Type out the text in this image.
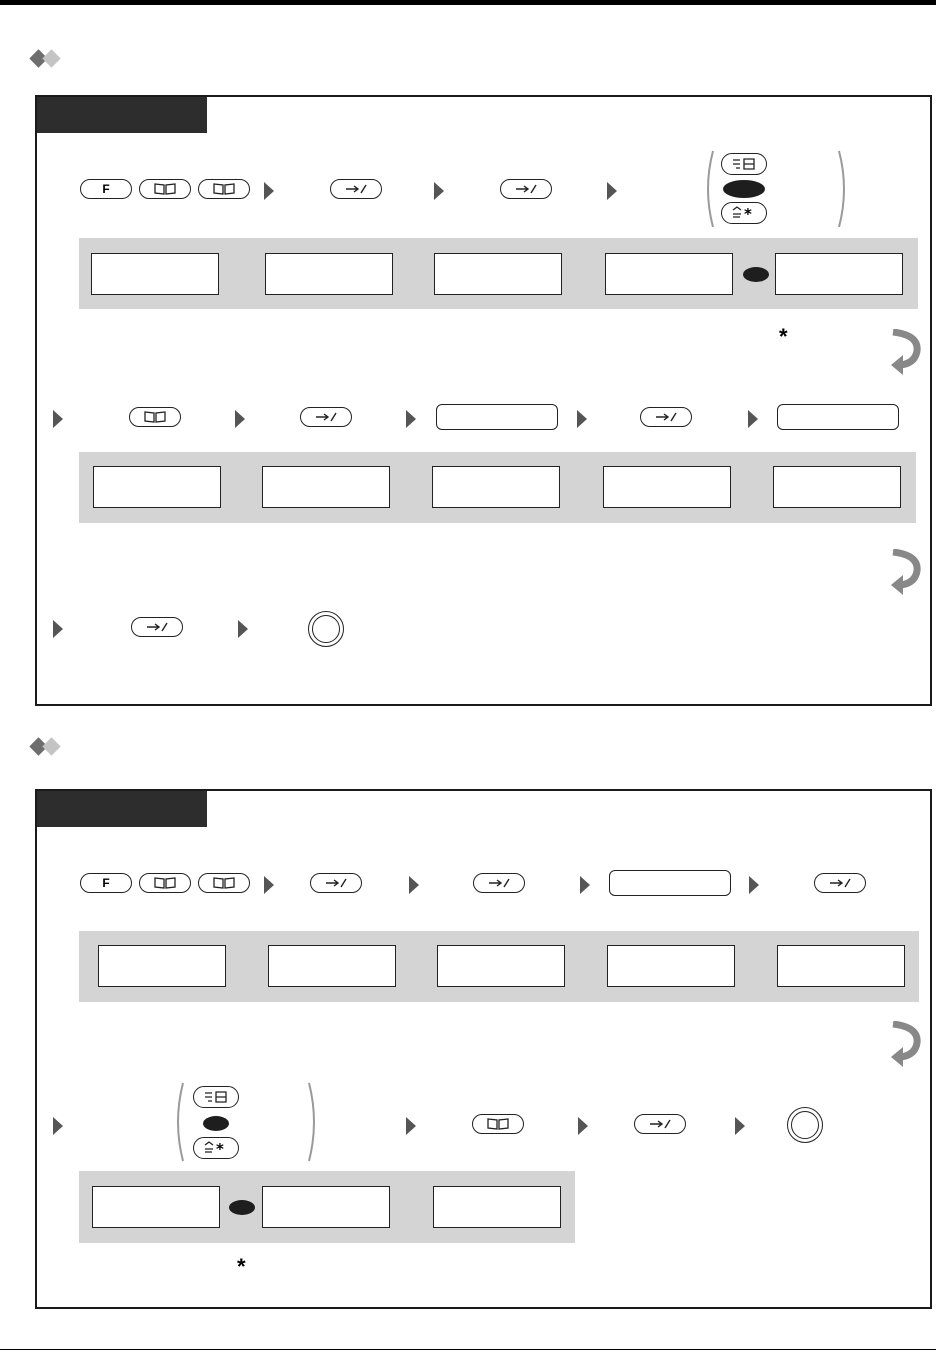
F
*
*
F
*
*
